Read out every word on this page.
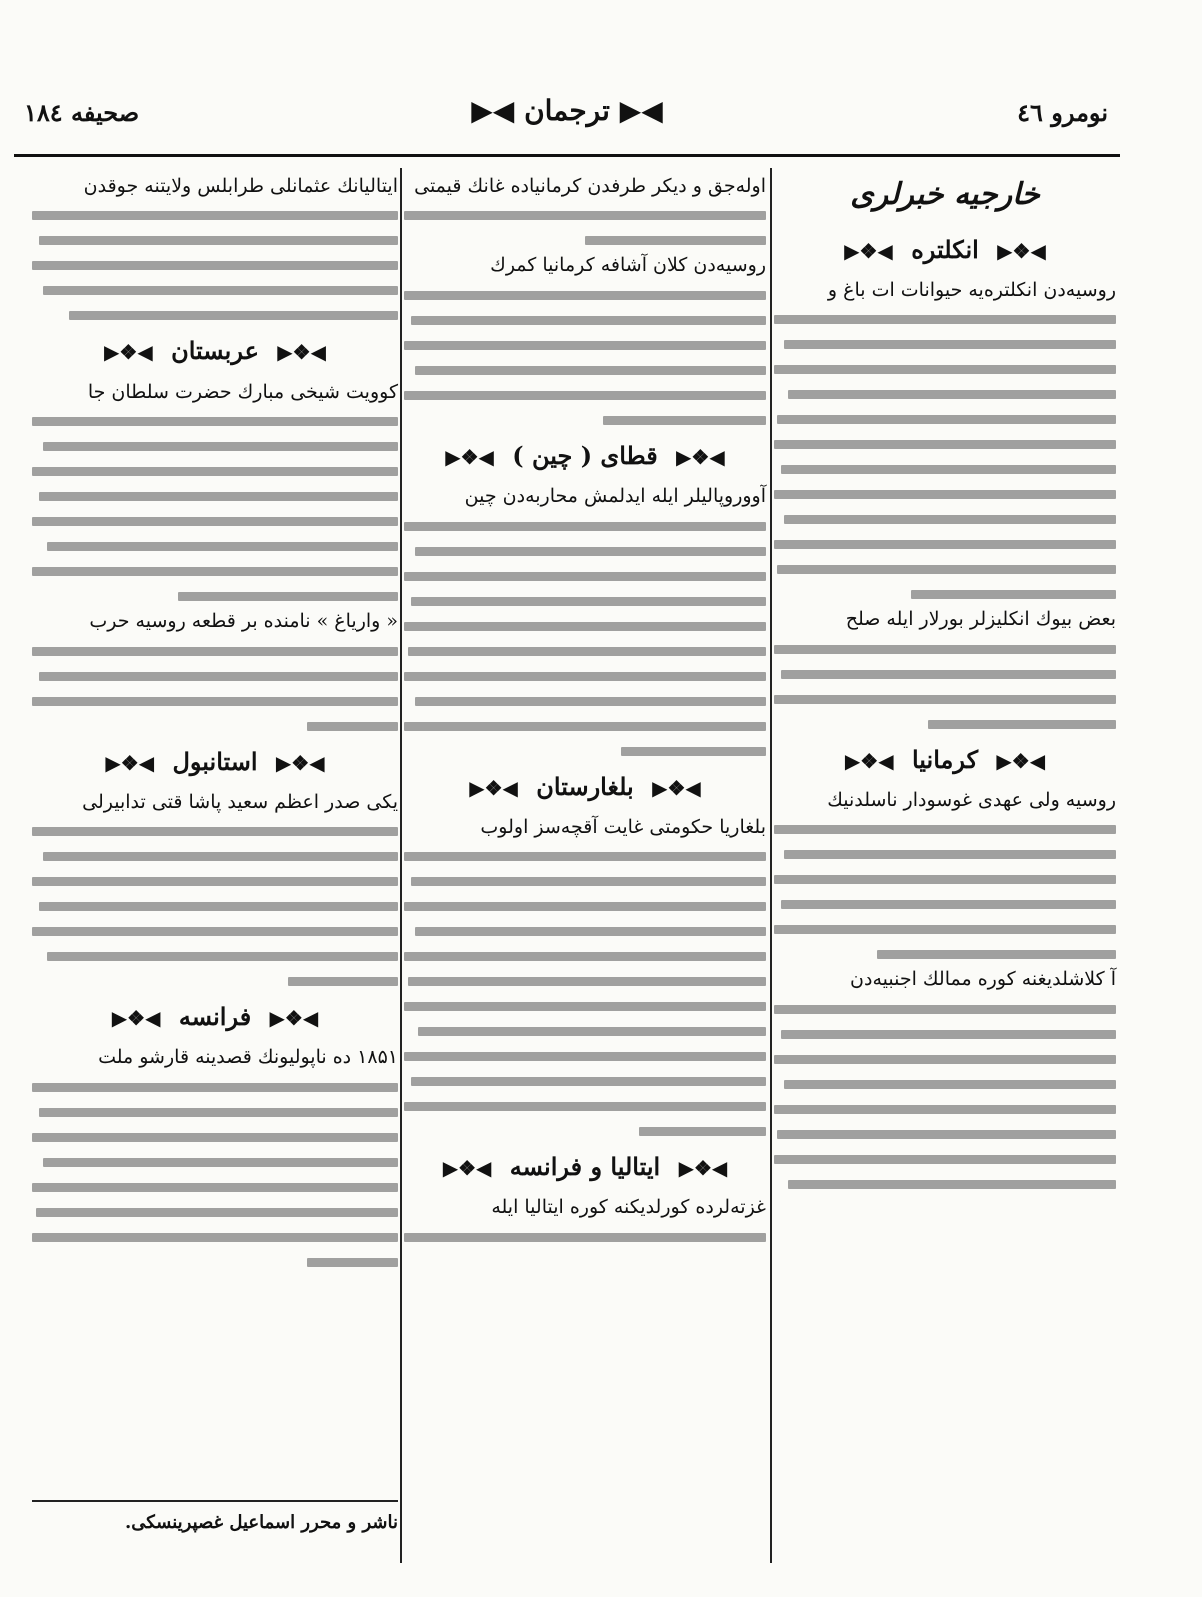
صحیفه ۱۸٤	◀▶ ترجمان ◀▶	نومرو ٤٦
خارجیه خبرلری
◀❖▶ انکلتره ◀❖▶
روسیه‌دن انکلتره‌یه حیوانات ات باغ و
بعض بیوك انکلیزلر بورلار ایله صلح
◀❖▶ کرمانیا ◀❖▶
روسیه ولی عهدی غوسودار ناسلدنیك
آ کلاشلدیغنه کوره ممالك اجنبیه‌دن
اوله‌جق و دیکر طرفدن کرمانیاده غانك قیمتی
روسیه‌دن کلان آشافه کرمانیا کمرك
◀❖▶ قطای ( چین ) ◀❖▶
آووروپالیلر ایله ایدلمش محاربه‌دن چین
◀❖▶ بلغارستان ◀❖▶
بلغاریا حکومتی غایت آقچه‌سز اولوب
◀❖▶ ایتالیا و فرانسه ◀❖▶
غزته‌لرده کورلدیکنه کوره ایتالیا ایله
ایتالیانك عثمانلی طرابلس ولایتنه جوقدن
◀❖▶ عربستان ◀❖▶
کوویت شیخی مبارك حضرت سلطان جا
« واریاغ » نامنده بر قطعه روسیه حرب
◀❖▶ استانبول ◀❖▶
یکی صدر اعظم سعید پاشا قتی تدابیرلی
◀❖▶ فرانسه ◀❖▶
۱۸۵۱ ده ناپولیونك قصدینه قارشو ملت
ناشر و محرر اسماعیل غصپرینسکی.
